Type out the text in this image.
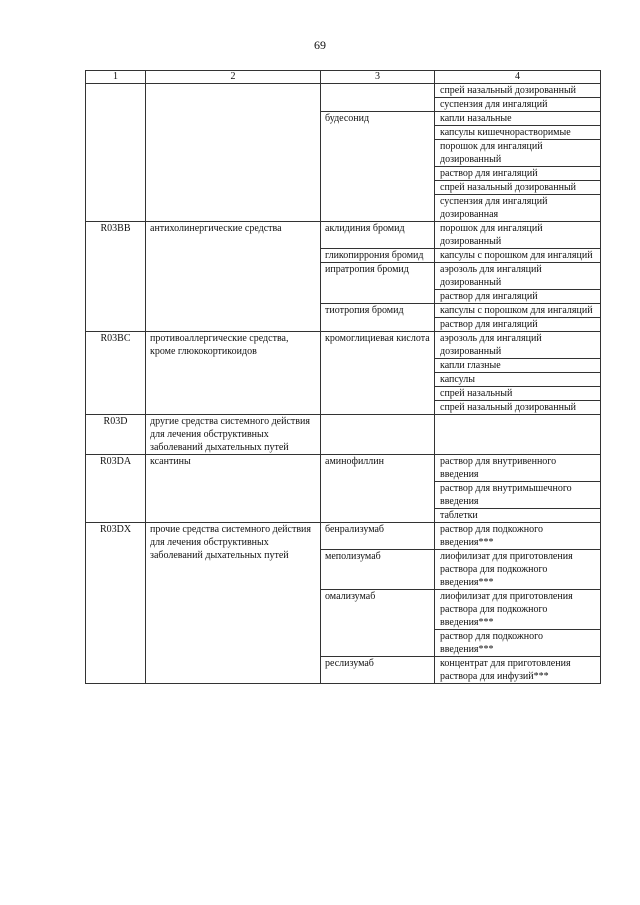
69
1	2	3	4
			спрей назальный дозированный
			суспензия для ингаляций
		будесонид	капли назальные
			капсулы кишечнорастворимые
			порошок для ингаляций дозированный
			раствор для ингаляций
			спрей назальный дозированный
			суспензия для ингаляций дозированная
R03BB	антихолинергические средства	аклидиния бромид	порошок для ингаляций дозированный
		гликопиррония бромид	капсулы с порошком для ингаляций
		ипратропия бромид	аэрозоль для ингаляций дозированный
			раствор для ингаляций
		тиотропия бромид	капсулы с порошком для ингаляций
			раствор для ингаляций
R03BC	противоаллергические средства, кроме глюкокортикоидов	кромоглициевая кислота	аэрозоль для ингаляций дозированный
			капли глазные
			капсулы
			спрей назальный
			спрей назальный дозированный
R03D	другие средства системного действия для лечения обструктивных заболеваний дыхательных путей		
R03DA	ксантины	аминофиллин	раствор для внутривенного введения
			раствор для внутримышечного введения
			таблетки
R03DX	прочие средства системного действия для лечения обструктивных заболеваний дыхательных путей	бенрализумаб	раствор для подкожного введения***
		меполизумаб	лиофилизат для приготовления раствора для подкожного введения***
		омализумаб	лиофилизат для приготовления раствора для подкожного введения***
			раствор для подкожного введения***
		реслизумаб	концентрат для приготовления раствора для инфузий***
